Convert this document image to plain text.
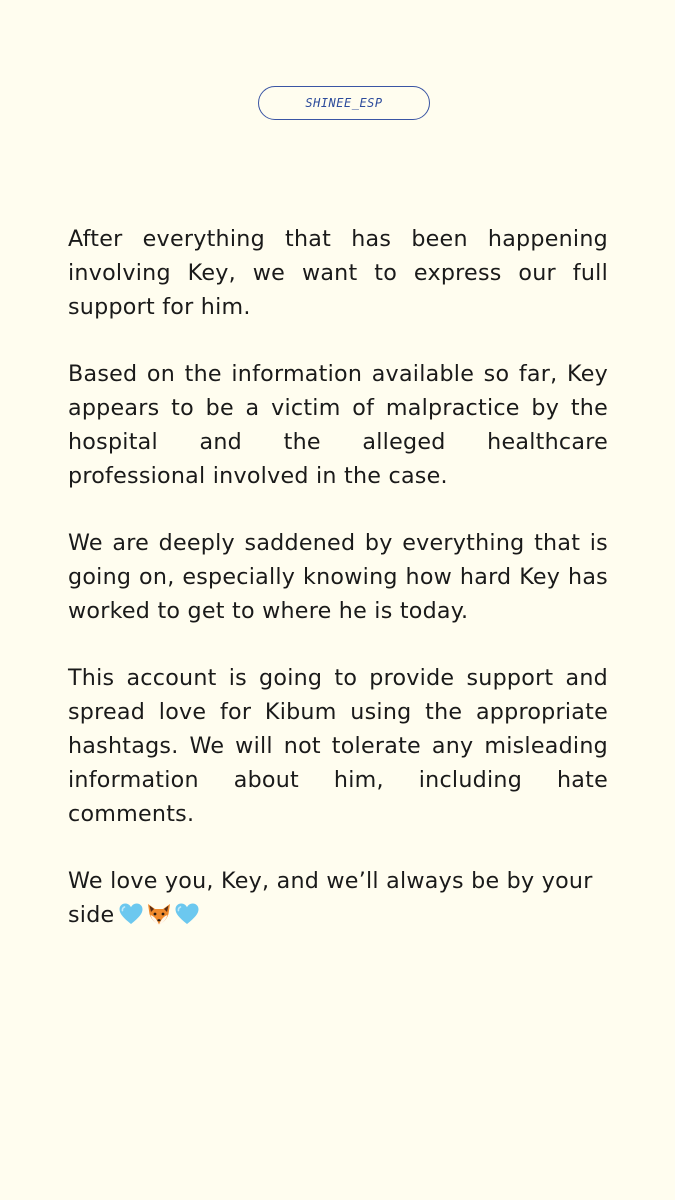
SHINEE_ESP

After everything that has been happening involving Key, we want to express our full support for him.

Based on the information available so far, Key appears to be a victim of malpractice by the hospital and the alleged healthcare professional involved in the case.

We are deeply saddened by everything that is going on, especially knowing how hard Key has worked to get to where he is today.

This account is going to provide support and spread love for Kibum using the appropriate hashtags. We will not tolerate any misleading information about him, including hate comments.

We love you, Key, and we’ll always be by your side
